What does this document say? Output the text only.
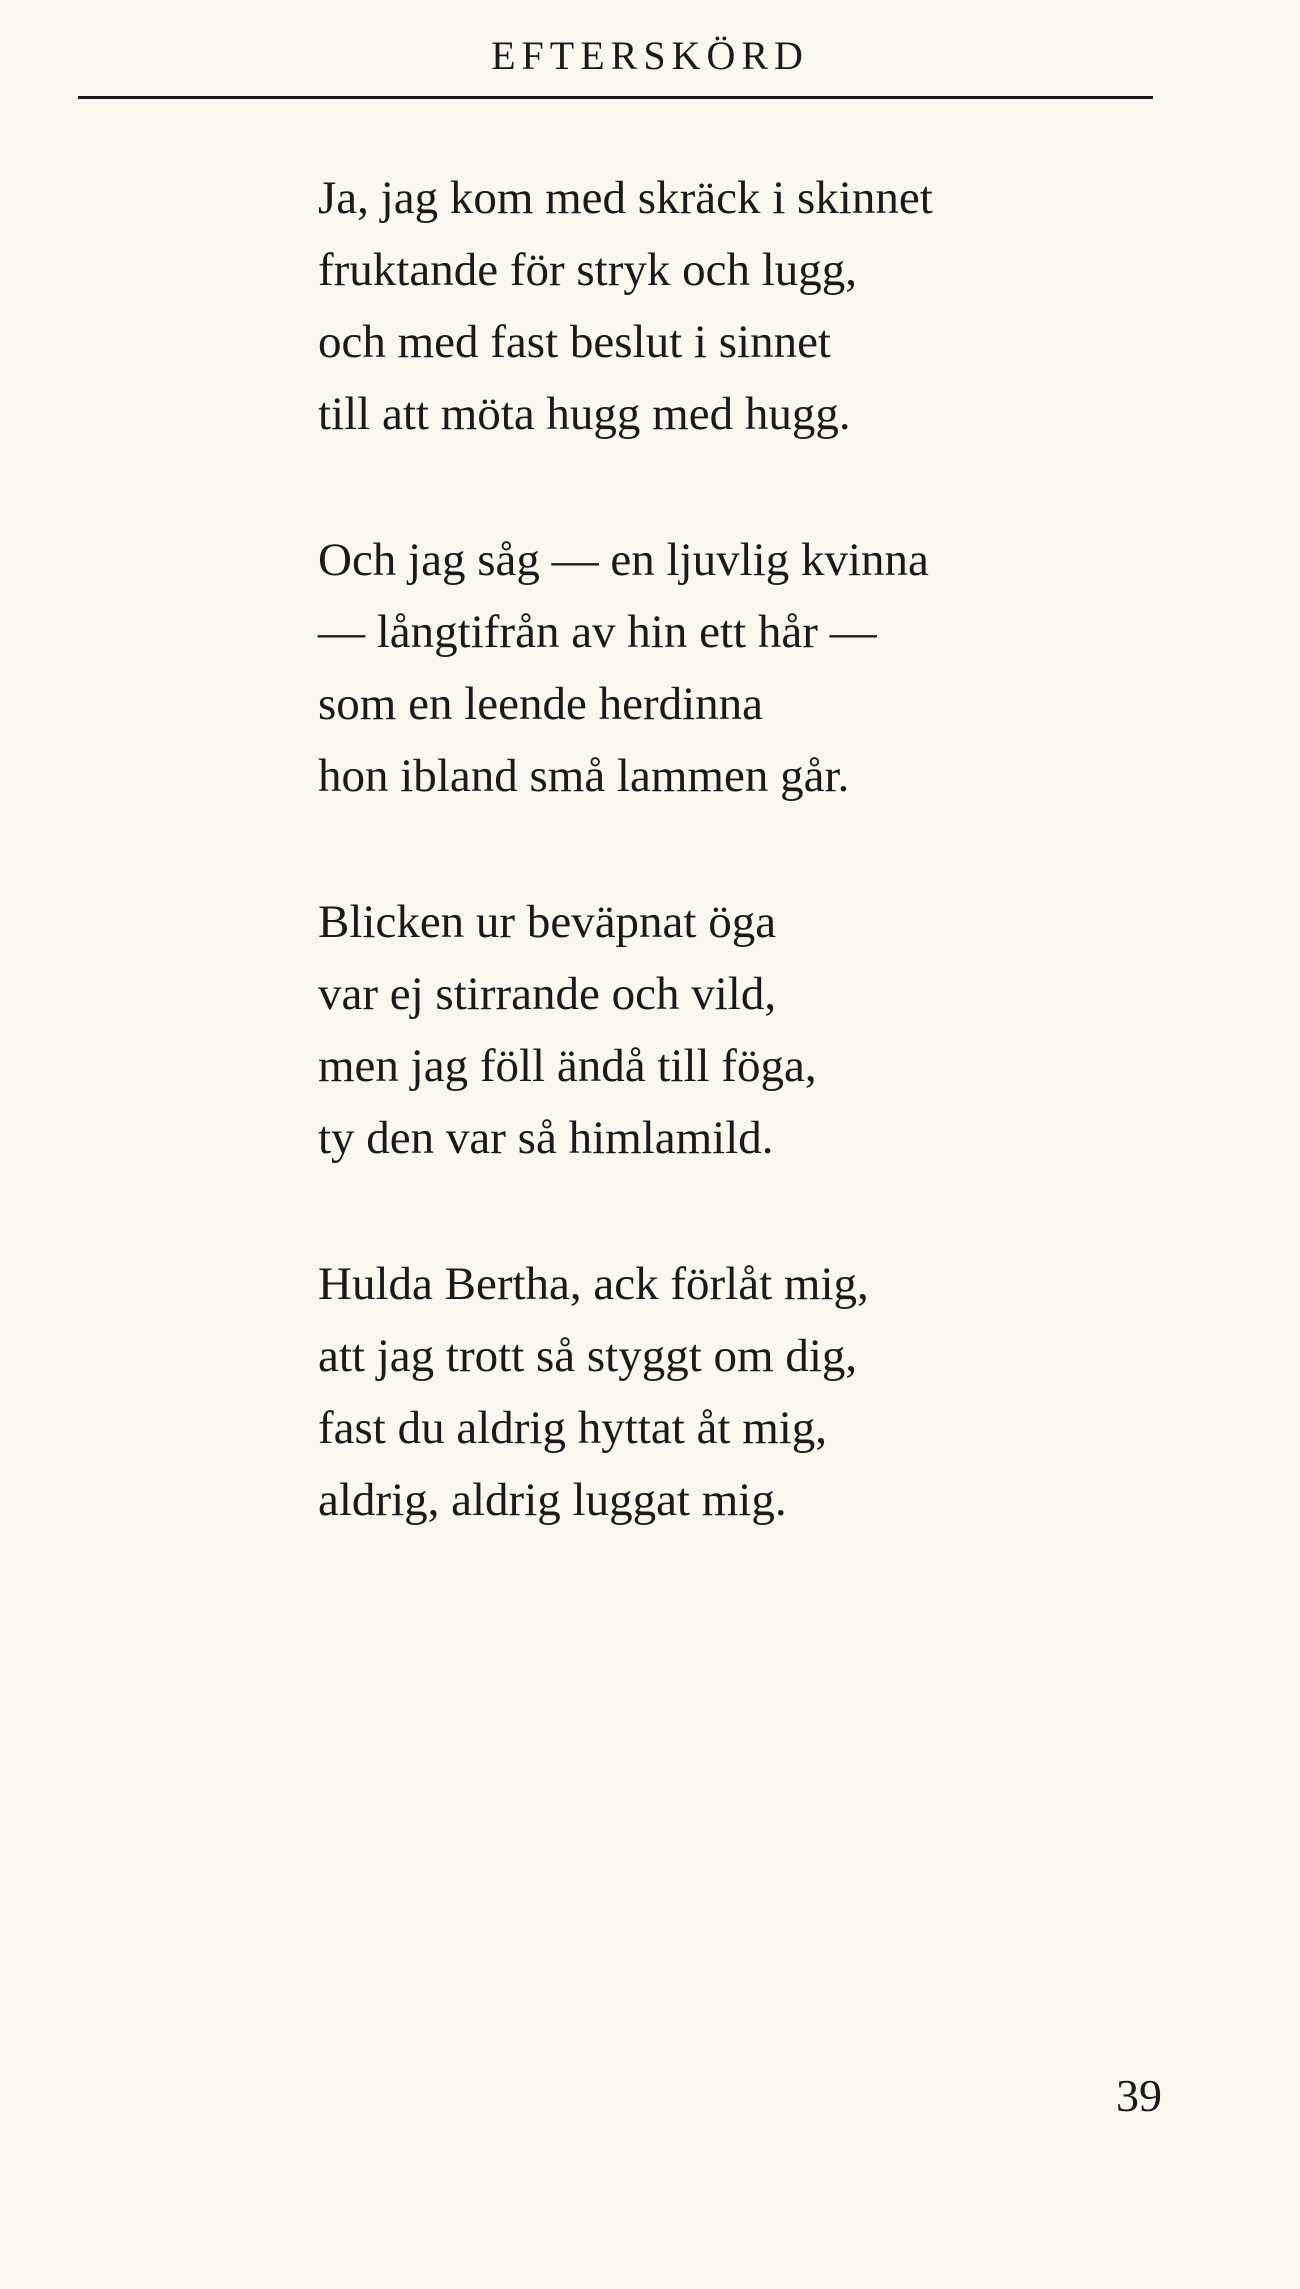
EFTERSKÖRD
Ja, jag kom med skräck i skinnet
fruktande för stryk och lugg,
och med fast beslut i sinnet
till att möta hugg med hugg.
Och jag såg — en ljuvlig kvinna
— långtifrån av hin ett hår —
som en leende herdinna
hon ibland små lammen går.
Blicken ur beväpnat öga
var ej stirrande och vild,
men jag föll ändå till föga,
ty den var så himlamild.
Hulda Bertha, ack förlåt mig,
att jag trott så styggt om dig,
fast du aldrig hyttat åt mig,
aldrig, aldrig luggat mig.
39
